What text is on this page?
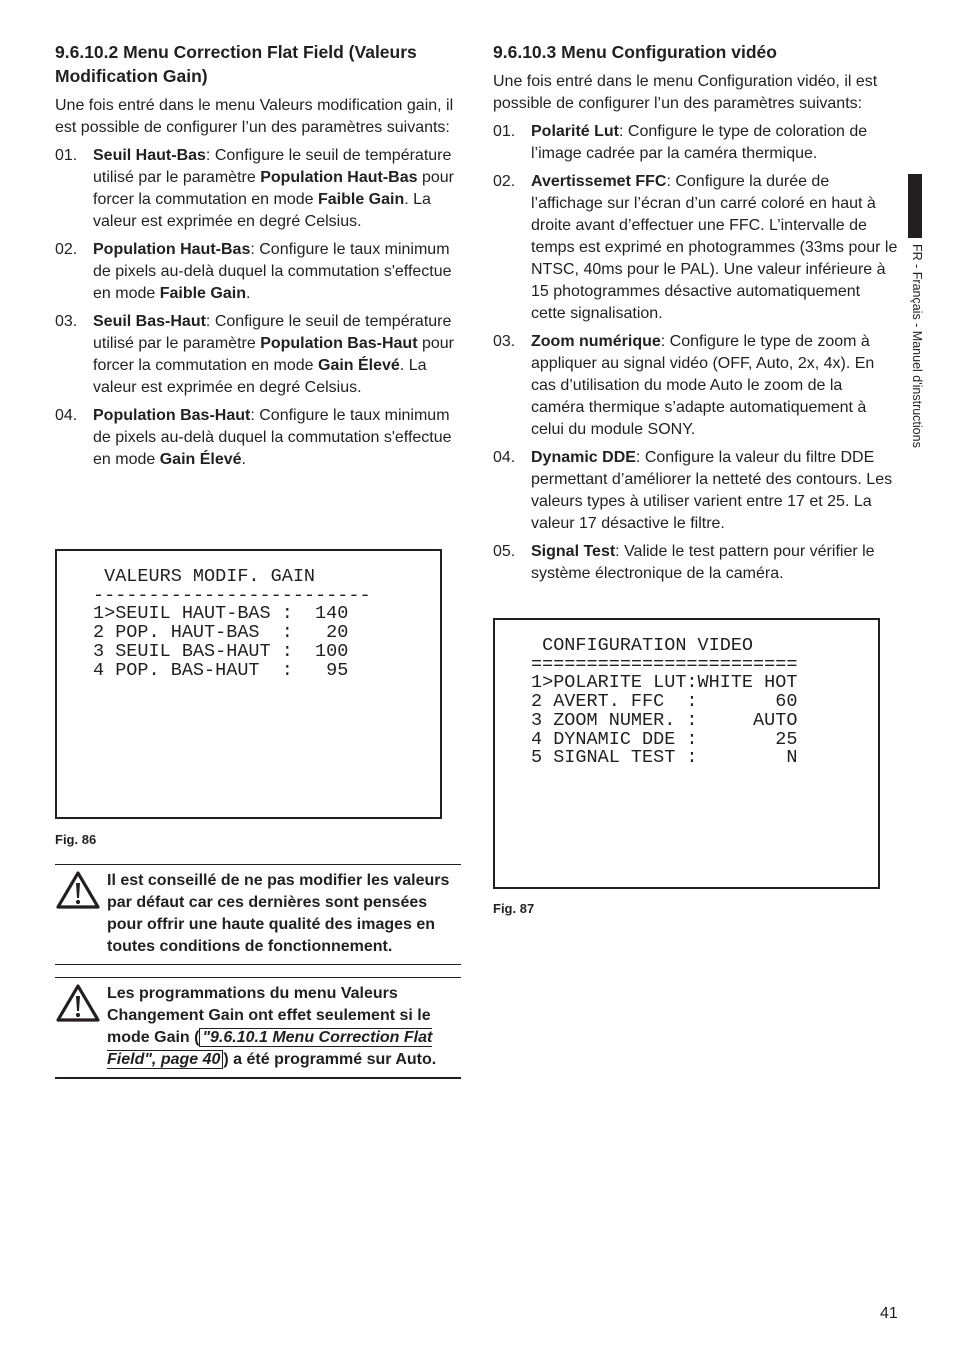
9.6.10.2 Menu Correction Flat Field (Valeurs Modification Gain)

Une fois entré dans le menu Valeurs modification gain, il est possible de configurer l’un des paramètres suivants:

01. Seuil Haut-Bas: Configure le seuil de température utilisé par le paramètre Population Haut-Bas pour forcer la commutation en mode Faible Gain. La valeur est exprimée en degré Celsius.
02. Population Haut-Bas: Configure le taux minimum de pixels au-delà duquel la commutation s'effectue en mode Faible Gain.
03. Seuil Bas-Haut: Configure le seuil de température utilisé par le paramètre Population Bas-Haut pour forcer la commutation en mode Gain Élevé. La valeur est exprimée en degré Celsius.
04. Population Bas-Haut: Configure le taux minimum de pixels au-delà duquel la commutation s'effectue en mode Gain Élevé.
VALEURS MODIF. GAIN
-------------------------
1>SEUIL HAUT-BAS :  140
2 POP. HAUT-BAS  :   20
3 SEUIL BAS-HAUT :  100
4 POP. BAS-HAUT  :   95
Fig. 86
Il est conseillé de ne pas modifier les valeurs par défaut car ces dernières sont pensées pour offrir une haute qualité des images en toutes conditions de fonctionnement.
Les programmations du menu Valeurs Changement Gain ont effet seulement si le mode Gain ( "9.6.10.1 Menu Correction Flat Field", page 40 ) a été programmé sur Auto.
9.6.10.3 Menu Configuration vidéo

Une fois entré dans le menu Configuration vidéo, il est possible de configurer l’un des paramètres suivants:

01. Polarité Lut: Configure le type de coloration de l’image cadrée par la caméra thermique.
02. Avertissemet FFC: Configure la durée de l’affichage sur l’écran d’un carré coloré en haut à droite avant d’effectuer une FFC. L’intervalle de temps est exprimé en photogrammes (33ms pour le NTSC, 40ms pour le PAL). Une valeur inférieure à 15 photogrammes désactive automatiquement cette signalisation.
03. Zoom numérique: Configure le type de zoom à appliquer au signal vidéo (OFF, Auto, 2x, 4x). En cas d’utilisation du mode Auto le zoom de la caméra thermique s’adapte automatiquement à celui du module SONY.
04. Dynamic DDE: Configure la valeur du filtre DDE permettant d’améliorer la netteté des contours. Les valeurs types à utiliser varient entre 17 et 25. La valeur 17 désactive le filtre.
05. Signal Test: Valide le test pattern pour vérifier le système électronique de la caméra.
CONFIGURATION VIDEO
========================
1>POLARITE LUT:WHITE HOT
2 AVERT. FFC  :       60
3 ZOOM NUMER. :     AUTO
4 DYNAMIC DDE :       25
5 SIGNAL TEST :        N
Fig. 87
FR - Français - Manuel d'instructions
41
